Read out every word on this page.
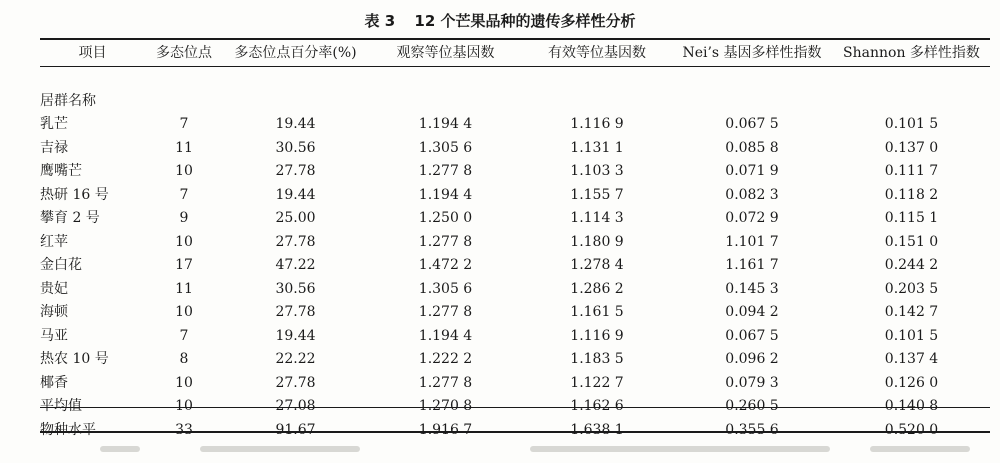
表 3 12 个芒果品种的遗传多样性分析
项目	多态位点	多态位点百分率(%)	观察等位基因数	有效等位基因数	Nei’s 基因多样性指数	Shannon 多样性指数

居群名称						
乳芒	7	19.44	1.194 4	1.116 9	0.067 5	0.101 5
吉禄	11	30.56	1.305 6	1.131 1	0.085 8	0.137 0
鹰嘴芒	10	27.78	1.277 8	1.103 3	0.071 9	0.111 7
热研 16 号	7	19.44	1.194 4	1.155 7	0.082 3	0.118 2
攀育 2 号	9	25.00	1.250 0	1.114 3	0.072 9	0.115 1
红苹	10	27.78	1.277 8	1.180 9	1.101 7	0.151 0
金白花	17	47.22	1.472 2	1.278 4	1.161 7	0.244 2
贵妃	11	30.56	1.305 6	1.286 2	0.145 3	0.203 5
海顿	10	27.78	1.277 8	1.161 5	0.094 2	0.142 7
马亚	7	19.44	1.194 4	1.116 9	0.067 5	0.101 5
热农 10 号	8	22.22	1.222 2	1.183 5	0.096 2	0.137 4
椰香	10	27.78	1.277 8	1.122 7	0.079 3	0.126 0
平均值	10	27.08	1.270 8	1.162 6	0.260 5	0.140 8
物种水平	33	91.67	1.916 7	1.638 1	0.355 6	0.520 0
